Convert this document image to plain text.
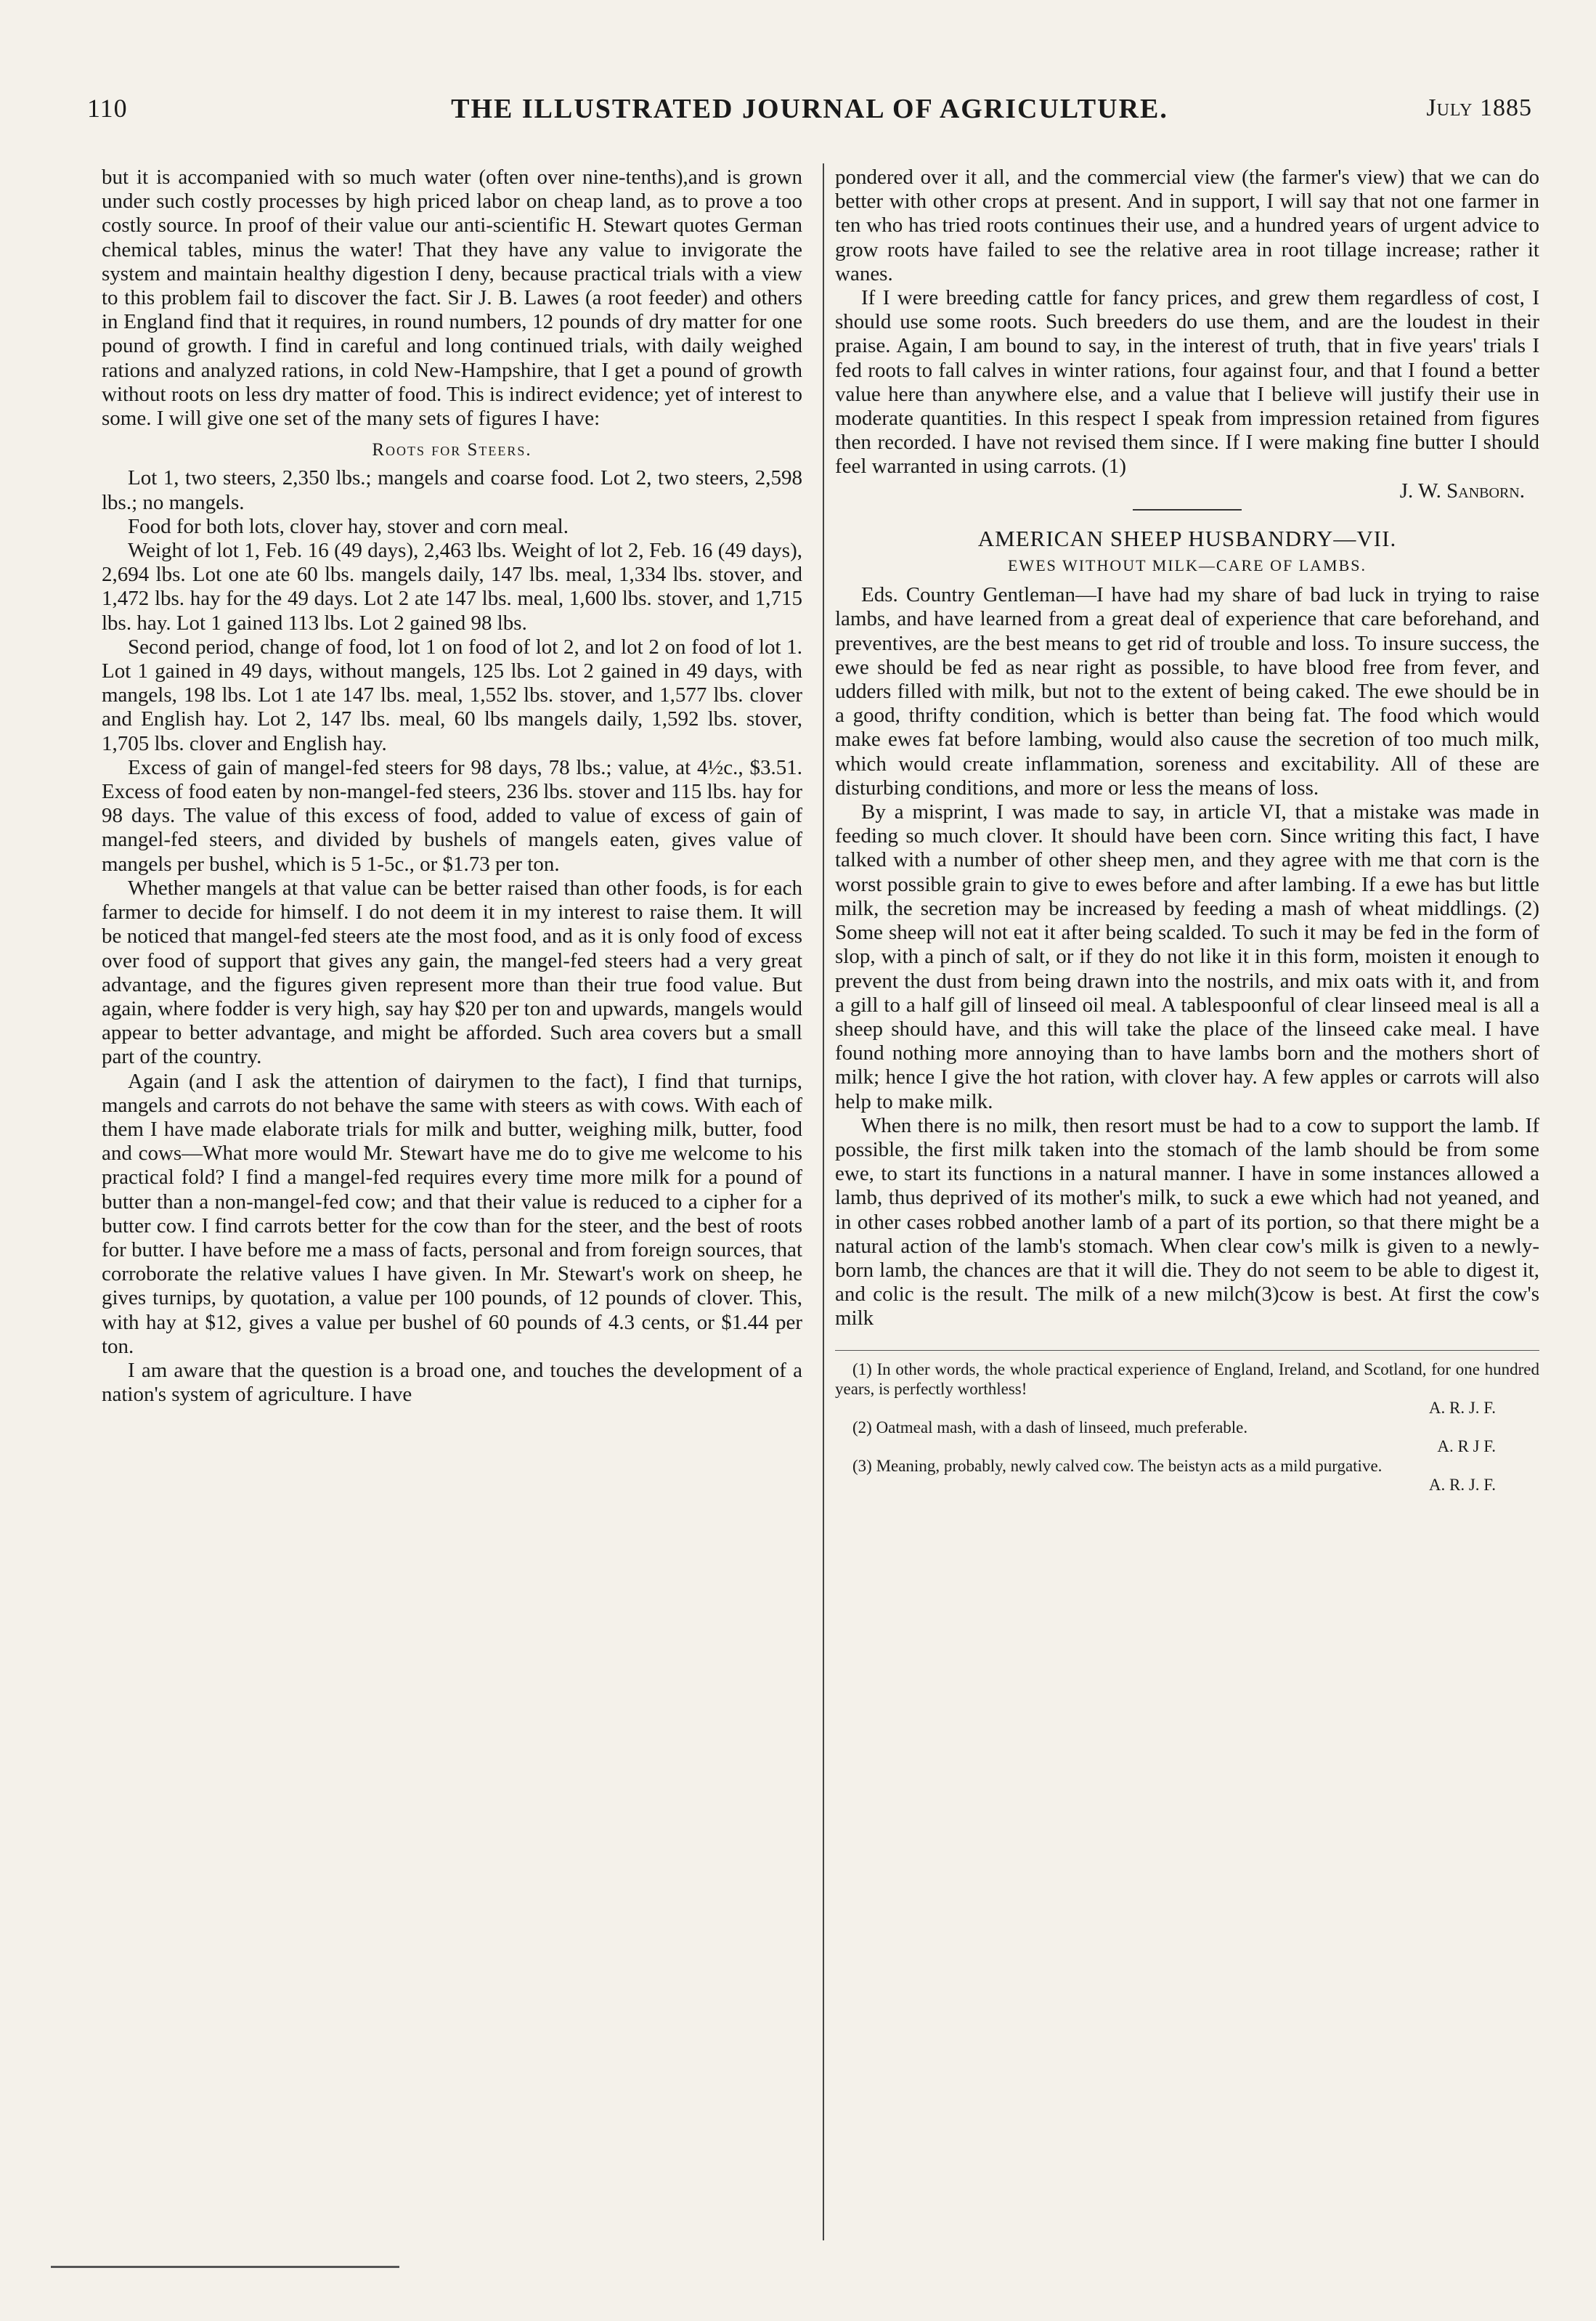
110	THE ILLUSTRATED JOURNAL OF AGRICULTURE.	July 1885

but it is accompanied with so much water (often over nine-tenths),and is grown under such costly processes by high priced labor on cheap land, as to prove a too costly source. In proof of their value our anti-scientific H. Stewart quotes German chemical tables, minus the water! That they have any value to invigorate the system and maintain healthy digestion I deny, because practical trials with a view to this problem fail to discover the fact. Sir J. B. Lawes (a root feeder) and others in England find that it requires, in round numbers, 12 pounds of dry matter for one pound of growth. I find in careful and long continued trials, with daily weighed rations and analyzed rations, in cold New-Hampshire, that I get a pound of growth without roots on less dry matter of food. This is indirect evidence; yet of interest to some. I will give one set of the many sets of figures I have:

Roots for Steers.

Lot 1, two steers, 2,350 lbs.; mangels and coarse food. Lot 2, two steers, 2,598 lbs.; no mangels.

Food for both lots, clover hay, stover and corn meal.

Weight of lot 1, Feb. 16 (49 days), 2,463 lbs. Weight of lot 2, Feb. 16 (49 days), 2,694 lbs. Lot one ate 60 lbs. mangels daily, 147 lbs. meal, 1,334 lbs. stover, and 1,472 lbs. hay for the 49 days. Lot 2 ate 147 lbs. meal, 1,600 lbs. stover, and 1,715 lbs. hay. Lot 1 gained 113 lbs. Lot 2 gained 98 lbs.

Second period, change of food, lot 1 on food of lot 2, and lot 2 on food of lot 1. Lot 1 gained in 49 days, without mangels, 125 lbs. Lot 2 gained in 49 days, with mangels, 198 lbs. Lot 1 ate 147 lbs. meal, 1,552 lbs. stover, and 1,577 lbs. clover and English hay. Lot 2, 147 lbs. meal, 60 lbs mangels daily, 1,592 lbs. stover, 1,705 lbs. clover and English hay.

Excess of gain of mangel-fed steers for 98 days, 78 lbs.; value, at 4½c., $3.51. Excess of food eaten by non-mangel-fed steers, 236 lbs. stover and 115 lbs. hay for 98 days. The value of this excess of food, added to value of excess of gain of mangel-fed steers, and divided by bushels of mangels eaten, gives value of mangels per bushel, which is 5 1-5c., or $1.73 per ton.

Whether mangels at that value can be better raised than other foods, is for each farmer to decide for himself. I do not deem it in my interest to raise them. It will be noticed that mangel-fed steers ate the most food, and as it is only food of excess over food of support that gives any gain, the mangel-fed steers had a very great advantage, and the figures given represent more than their true food value. But again, where fodder is very high, say hay $20 per ton and upwards, mangels would appear to better advantage, and might be afforded. Such area covers but a small part of the country.

Again (and I ask the attention of dairymen to the fact), I find that turnips, mangels and carrots do not behave the same with steers as with cows. With each of them I have made elaborate trials for milk and butter, weighing milk, butter, food and cows—What more would Mr. Stewart have me do to give me welcome to his practical fold? I find a mangel-fed requires every time more milk for a pound of butter than a non-mangel-fed cow; and that their value is reduced to a cipher for a butter cow. I find carrots better for the cow than for the steer, and the best of roots for butter. I have before me a mass of facts, personal and from foreign sources, that corroborate the relative values I have given. In Mr. Stewart's work on sheep, he gives turnips, by quotation, a value per 100 pounds, of 12 pounds of clover. This, with hay at $12, gives a value per bushel of 60 pounds of 4.3 cents, or $1.44 per ton.

I am aware that the question is a broad one, and touches the development of a nation's system of agriculture. I have

pondered over it all, and the commercial view (the farmer's view) that we can do better with other crops at present. And in support, I will say that not one farmer in ten who has tried roots continues their use, and a hundred years of urgent advice to grow roots have failed to see the relative area in root tillage increase; rather it wanes.

If I were breeding cattle for fancy prices, and grew them regardless of cost, I should use some roots. Such breeders do use them, and are the loudest in their praise. Again, I am bound to say, in the interest of truth, that in five years' trials I fed roots to fall calves in winter rations, four against four, and that I found a better value here than anywhere else, and a value that I believe will justify their use in moderate quantities. In this respect I speak from impression retained from figures then recorded. I have not revised them since. If I were making fine butter I should feel warranted in using carrots. (1)

J. W. Sanborn.

AMERICAN SHEEP HUSBANDRY—VII.
EWES WITHOUT MILK—CARE OF LAMBS.

Eds. Country Gentleman—I have had my share of bad luck in trying to raise lambs, and have learned from a great deal of experience that care beforehand, and preventives, are the best means to get rid of trouble and loss. To insure success, the ewe should be fed as near right as possible, to have blood free from fever, and udders filled with milk, but not to the extent of being caked. The ewe should be in a good, thrifty condition, which is better than being fat. The food which would make ewes fat before lambing, would also cause the secretion of too much milk, which would create inflammation, soreness and excitability. All of these are disturbing conditions, and more or less the means of loss.

By a misprint, I was made to say, in article VI, that a mistake was made in feeding so much clover. It should have been corn. Since writing this fact, I have talked with a number of other sheep men, and they agree with me that corn is the worst possible grain to give to ewes before and after lambing. If a ewe has but little milk, the secretion may be increased by feeding a mash of wheat middlings. (2) Some sheep will not eat it after being scalded. To such it may be fed in the form of slop, with a pinch of salt, or if they do not like it in this form, moisten it enough to prevent the dust from being drawn into the nostrils, and mix oats with it, and from a gill to a half gill of linseed oil meal. A tablespoonful of clear linseed meal is all a sheep should have, and this will take the place of the linseed cake meal. I have found nothing more annoying than to have lambs born and the mothers short of milk; hence I give the hot ration, with clover hay. A few apples or carrots will also help to make milk.

When there is no milk, then resort must be had to a cow to support the lamb. If possible, the first milk taken into the stomach of the lamb should be from some ewe, to start its functions in a natural manner. I have in some instances allowed a lamb, thus deprived of its mother's milk, to suck a ewe which had not yeaned, and in other cases robbed another lamb of a part of its portion, so that there might be a natural action of the lamb's stomach. When clear cow's milk is given to a newly-born lamb, the chances are that it will die. They do not seem to be able to digest it, and colic is the result. The milk of a new milch(3)cow is best. At first the cow's milk

(1) In other words, the whole practical experience of England, Ireland, and Scotland, for one hundred years, is perfectly worthless!
A. R. J. F.
(2) Oatmeal mash, with a dash of linseed, much preferable.
A. R J F.
(3) Meaning, probably, newly calved cow. The beistyn acts as a mild purgative.
A. R. J. F.
